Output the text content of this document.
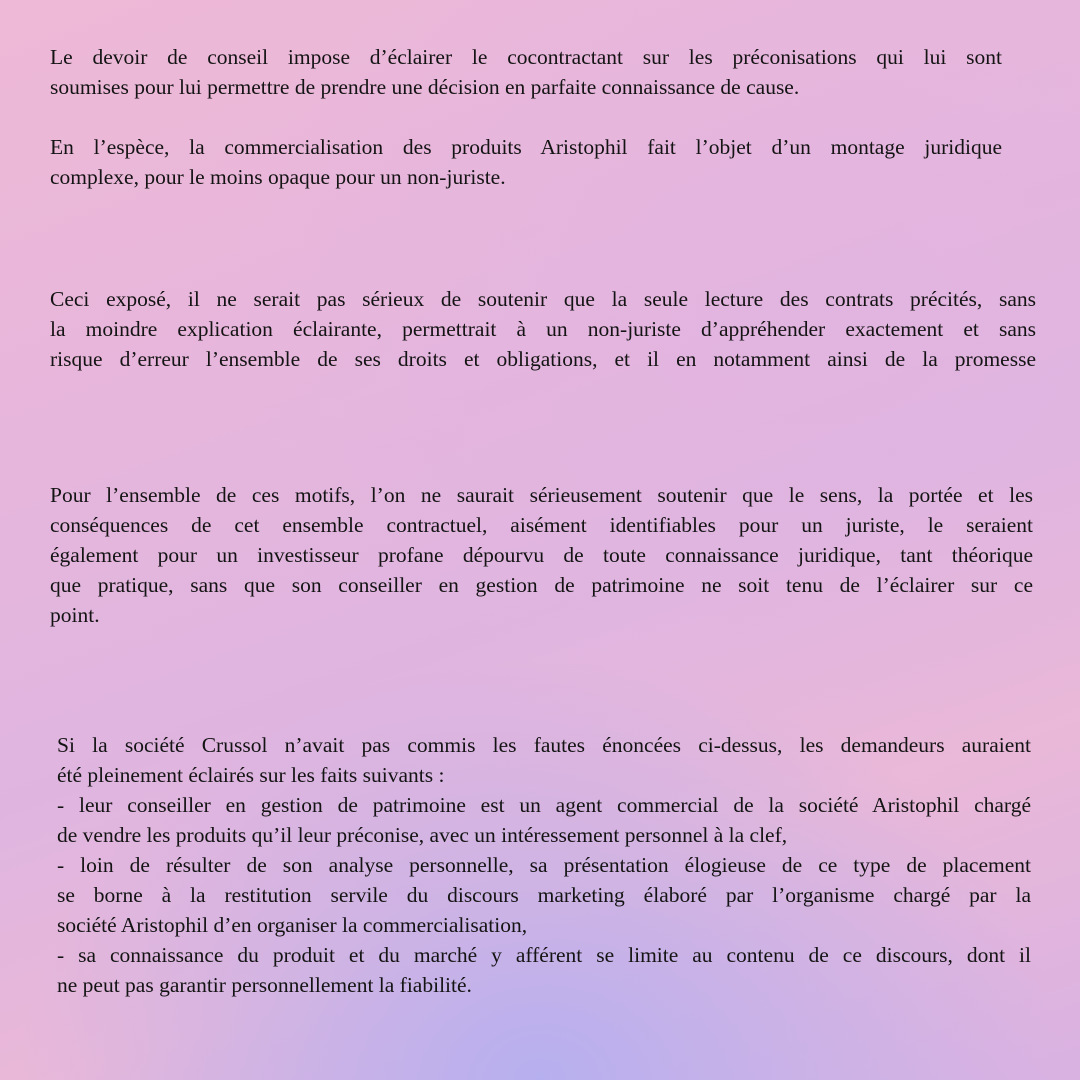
Le devoir de conseil impose d’éclairer le cocontractant sur les préconisations qui lui sont
soumises pour lui permettre de prendre une décision en parfaite connaissance de cause.

En l’espèce, la commercialisation des produits Aristophil fait l’objet d’un montage juridique
complexe, pour le moins opaque pour un non-juriste.

Ceci exposé, il ne serait pas sérieux de soutenir que la seule lecture des contrats précités, sans
la moindre explication éclairante, permettrait à un non-juriste d’appréhender exactement et sans
risque d’erreur l’ensemble de ses droits et obligations, et il en notamment ainsi de la promesse

Pour l’ensemble de ces motifs, l’on ne saurait sérieusement soutenir que le sens, la portée et les
conséquences de cet ensemble contractuel, aisément identifiables pour un juriste, le seraient
également pour un investisseur profane dépourvu de toute connaissance juridique, tant théorique
que pratique, sans que son conseiller en gestion de patrimoine ne soit tenu de l’éclairer sur ce
point.

Si la société Crussol n’avait pas commis les fautes énoncées ci-dessus, les demandeurs auraient
été pleinement éclairés sur les faits suivants :
- leur conseiller en gestion de patrimoine est un agent commercial de la société Aristophil chargé
de vendre les produits qu’il leur préconise, avec un intéressement personnel à la clef,
- loin de résulter de son analyse personnelle, sa présentation élogieuse de ce type de placement
se borne à la restitution servile du discours marketing élaboré par l’organisme chargé par la
société Aristophil d’en organiser la commercialisation,
- sa connaissance du produit et du marché y afférent se limite au contenu de ce discours, dont il
ne peut pas garantir personnellement la fiabilité.
